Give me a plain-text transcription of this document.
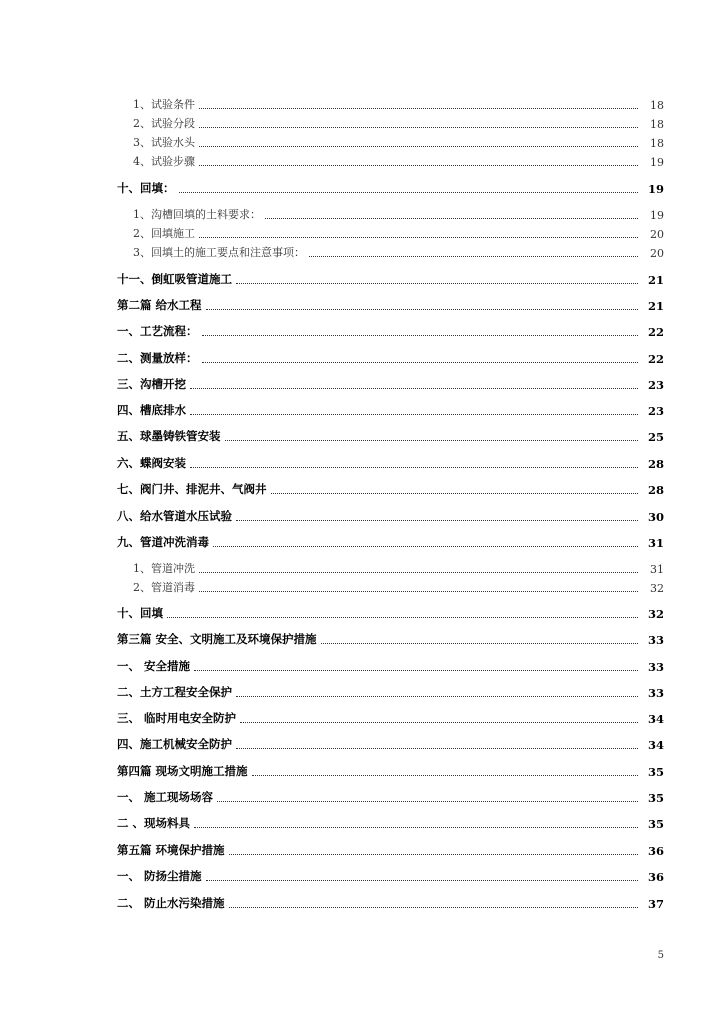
1、试验条件	18
2、试验分段	18
3、试验水头	18
4、试验步骤	19
十、回填：	19
1、沟槽回填的土料要求：	19
2、回填施工	20
3、回填土的施工要点和注意事项：	20
十一、倒虹吸管道施工	21
第二篇 给水工程	21
一、工艺流程：	22
二、测量放样：	22
三、沟槽开挖	23
四、槽底排水	23
五、球墨铸铁管安装	25
六、蝶阀安装	28
七、阀门井、排泥井、气阀井	28
八、给水管道水压试验	30
九、管道冲洗消毒	31
1、管道冲洗	31
2、管道消毒	32
十、回填	32
第三篇 安全、文明施工及环境保护措施	33
一、 安全措施	33
二、土方工程安全保护	33
三、 临时用电安全防护	34
四、施工机械安全防护	34
第四篇 现场文明施工措施	35
一、 施工现场场容	35
二 、现场料具	35
第五篇 环境保护措施	36
一、 防扬尘措施	36
二、 防止水污染措施	37
5
